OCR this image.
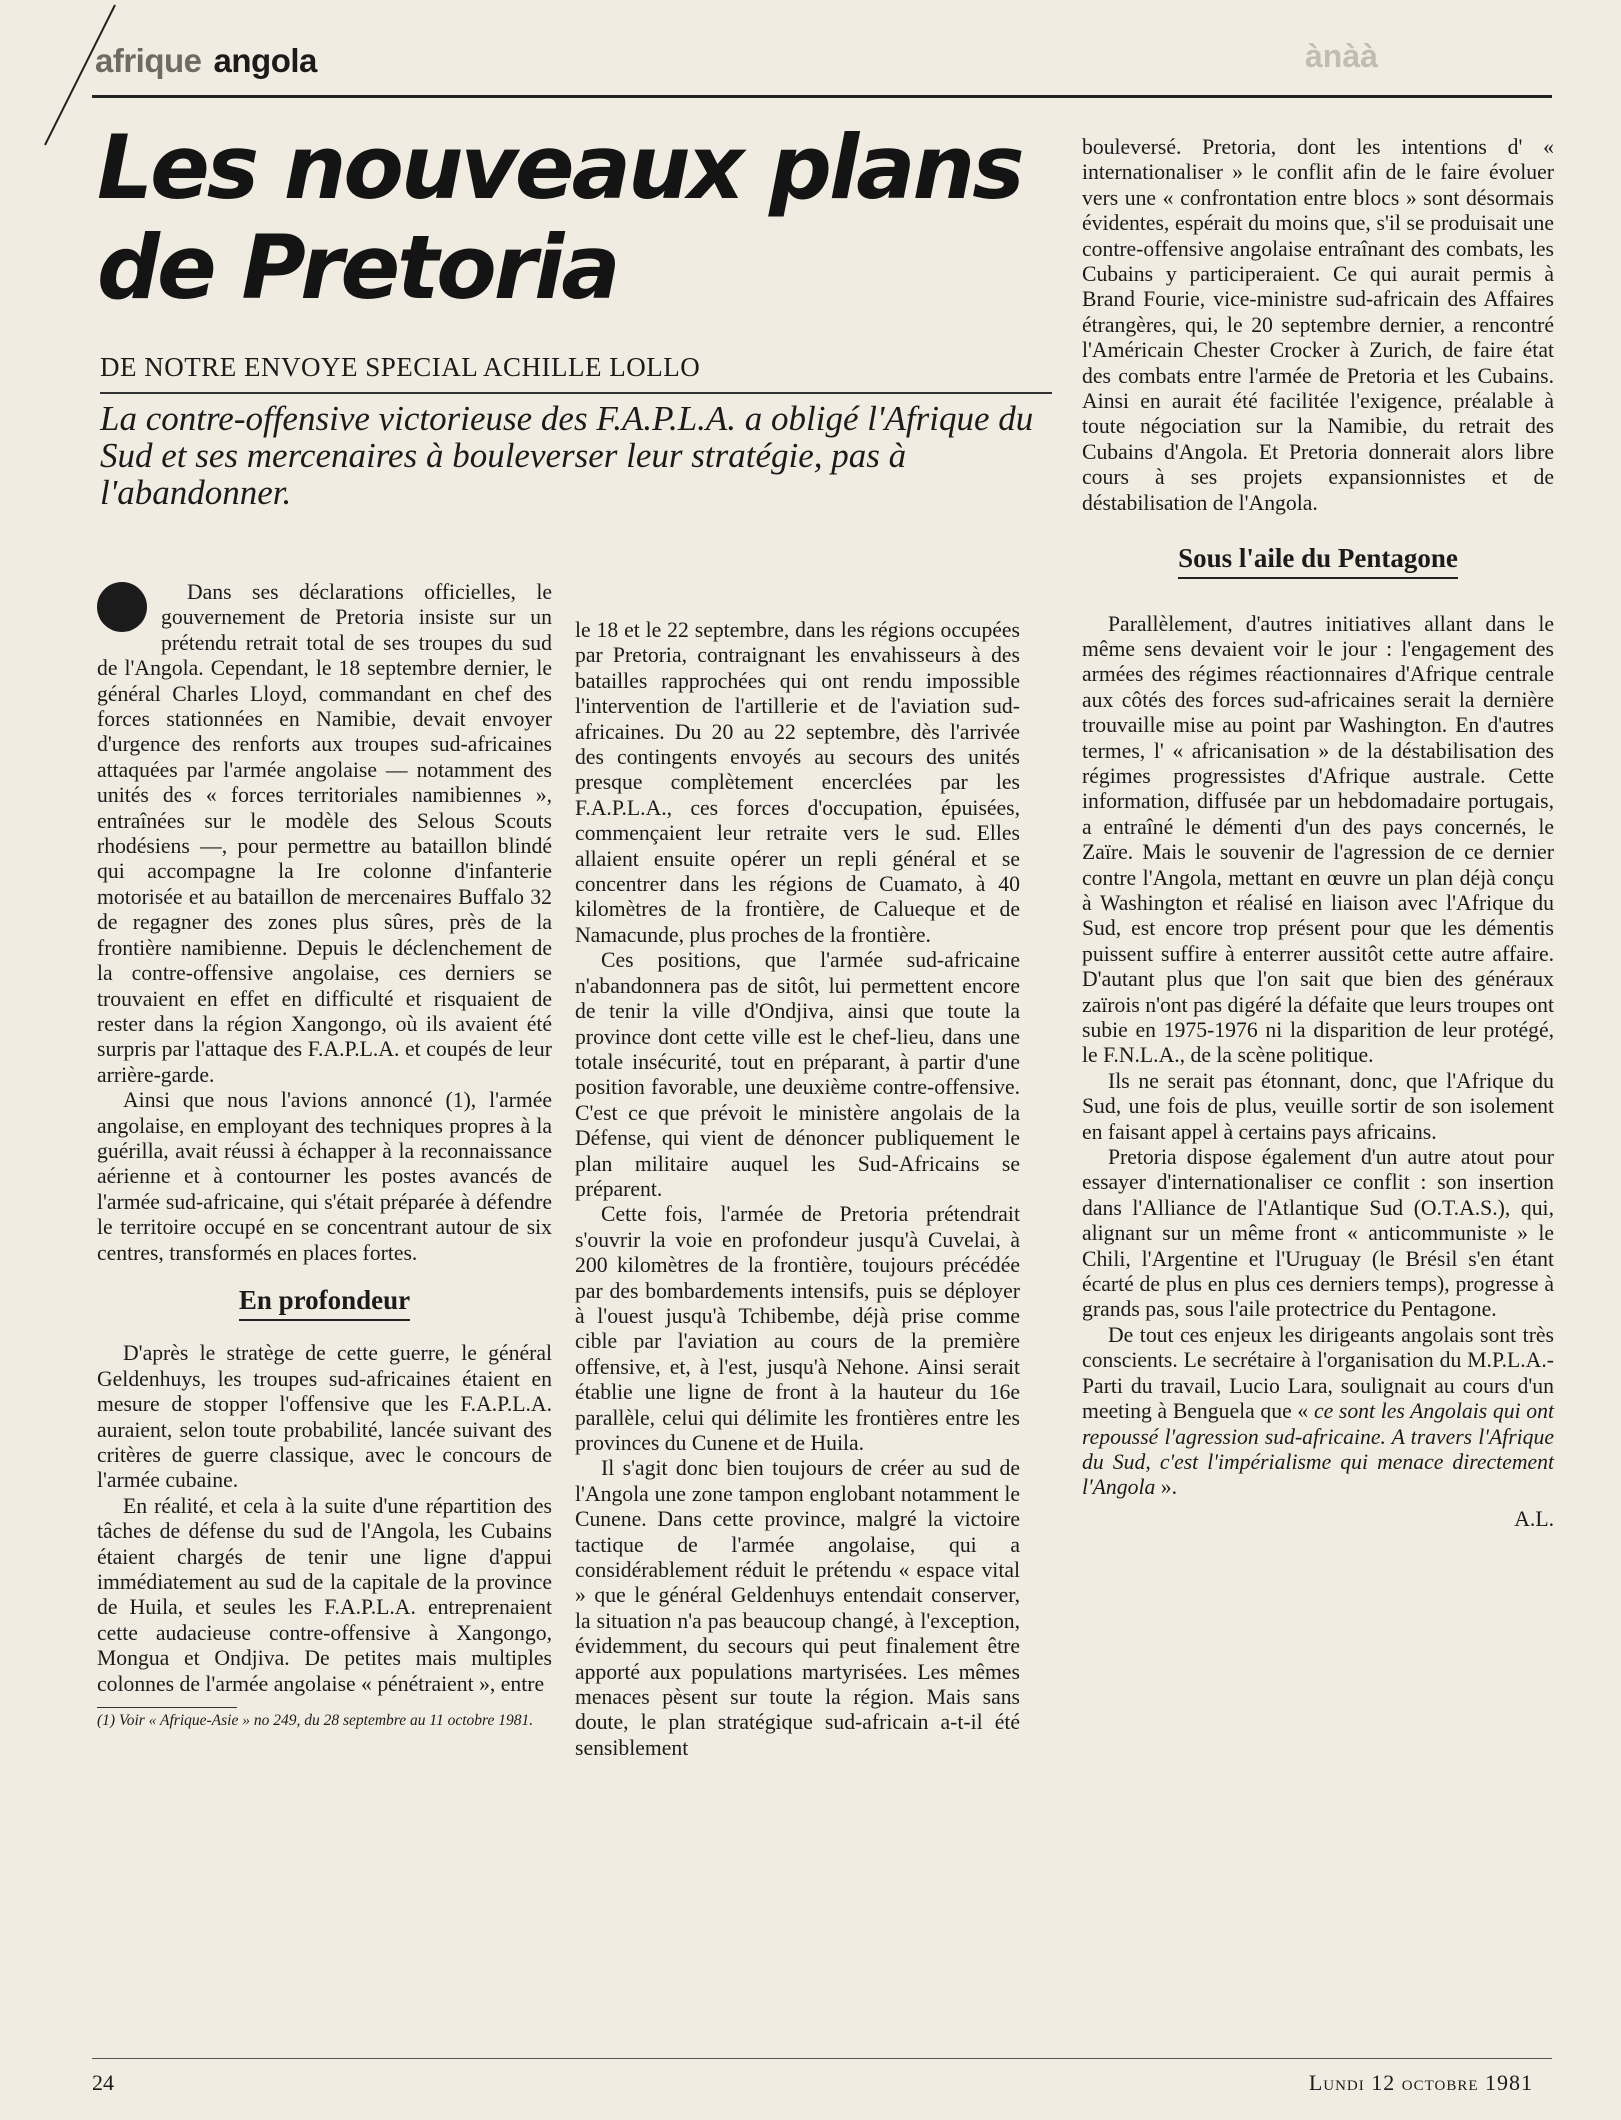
afrique angola	ànàà
Les nouveaux plans
de Pretoria
DE NOTRE ENVOYE SPECIAL ACHILLE LOLLO

La contre-offensive victorieuse des F.A.P.L.A. a obligé l'Afrique du Sud et ses mercenaires à bouleverser leur stratégie, pas à l'abandonner.

Dans ses déclarations officielles, le gouvernement de Pretoria insiste sur un prétendu retrait total de ses troupes du sud de l'Angola. Cependant, le 18 septembre dernier, le général Charles Lloyd, commandant en chef des forces stationnées en Namibie, devait envoyer d'urgence des renforts aux troupes sud-africaines attaquées par l'armée angolaise — notamment des unités des « forces territoriales namibiennes », entraînées sur le modèle des Selous Scouts rhodésiens —, pour permettre au bataillon blindé qui accompagne la Ire colonne d'infanterie motorisée et au bataillon de mercenaires Buffalo 32 de regagner des zones plus sûres, près de la frontière namibienne. Depuis le déclenchement de la contre-offensive angolaise, ces derniers se trouvaient en effet en difficulté et risquaient de rester dans la région Xangongo, où ils avaient été surpris par l'attaque des F.A.P.L.A. et coupés de leur arrière-garde.

Ainsi que nous l'avions annoncé (1), l'armée angolaise, en employant des techniques propres à la guérilla, avait réussi à échapper à la reconnaissance aérienne et à contourner les postes avancés de l'armée sud-africaine, qui s'était préparée à défendre le territoire occupé en se concentrant autour de six centres, transformés en places fortes.

En profondeur

D'après le stratège de cette guerre, le général Geldenhuys, les troupes sud-africaines étaient en mesure de stopper l'offensive que les F.A.P.L.A. auraient, selon toute probabilité, lancée suivant des critères de guerre classique, avec le concours de l'armée cubaine.

En réalité, et cela à la suite d'une répartition des tâches de défense du sud de l'Angola, les Cubains étaient chargés de tenir une ligne d'appui immédiatement au sud de la capitale de la province de Huila, et seules les F.A.P.L.A. entreprenaient cette audacieuse contre-offensive à Xangongo, Mongua et Ondjiva. De petites mais multiples colonnes de l'armée angolaise « pénétraient », entre

(1) Voir « Afrique-Asie » no 249, du 28 septembre au 11 octobre 1981.

le 18 et le 22 septembre, dans les régions occupées par Pretoria, contraignant les envahisseurs à des batailles rapprochées qui ont rendu impossible l'intervention de l'artillerie et de l'aviation sud-africaines. Du 20 au 22 septembre, dès l'arrivée des contingents envoyés au secours des unités presque complètement encerclées par les F.A.P.L.A., ces forces d'occupation, épuisées, commençaient leur retraite vers le sud. Elles allaient ensuite opérer un repli général et se concentrer dans les régions de Cuamato, à 40 kilomètres de la frontière, de Calueque et de Namacunde, plus proches de la frontière.

Ces positions, que l'armée sud-africaine n'abandonnera pas de sitôt, lui permettent encore de tenir la ville d'Ondjiva, ainsi que toute la province dont cette ville est le chef-lieu, dans une totale insécurité, tout en préparant, à partir d'une position favorable, une deuxième contre-offensive. C'est ce que prévoit le ministère angolais de la Défense, qui vient de dénoncer publiquement le plan militaire auquel les Sud-Africains se préparent.

Cette fois, l'armée de Pretoria prétendrait s'ouvrir la voie en profondeur jusqu'à Cuvelai, à 200 kilomètres de la frontière, toujours précédée par des bombardements intensifs, puis se déployer à l'ouest jusqu'à Tchibembe, déjà prise comme cible par l'aviation au cours de la première offensive, et, à l'est, jusqu'à Nehone. Ainsi serait établie une ligne de front à la hauteur du 16e parallèle, celui qui délimite les frontières entre les provinces du Cunene et de Huila.

Il s'agit donc bien toujours de créer au sud de l'Angola une zone tampon englobant notamment le Cunene. Dans cette province, malgré la victoire tactique de l'armée angolaise, qui a considérablement réduit le prétendu « espace vital » que le général Geldenhuys entendait conserver, la situation n'a pas beaucoup changé, à l'exception, évidemment, du secours qui peut finalement être apporté aux populations martyrisées. Les mêmes menaces pèsent sur toute la région. Mais sans doute, le plan stratégique sud-africain a-t-il été sensiblement

bouleversé. Pretoria, dont les intentions d' « internationaliser » le conflit afin de le faire évoluer vers une « confrontation entre blocs » sont désormais évidentes, espérait du moins que, s'il se produisait une contre-offensive angolaise entraînant des combats, les Cubains y participeraient. Ce qui aurait permis à Brand Fourie, vice-ministre sud-africain des Affaires étrangères, qui, le 20 septembre dernier, a rencontré l'Américain Chester Crocker à Zurich, de faire état des combats entre l'armée de Pretoria et les Cubains. Ainsi en aurait été facilitée l'exigence, préalable à toute négociation sur la Namibie, du retrait des Cubains d'Angola. Et Pretoria donnerait alors libre cours à ses projets expansionnistes et de déstabilisation de l'Angola.

Sous l'aile du Pentagone

Parallèlement, d'autres initiatives allant dans le même sens devaient voir le jour : l'engagement des armées des régimes réactionnaires d'Afrique centrale aux côtés des forces sud-africaines serait la dernière trouvaille mise au point par Washington. En d'autres termes, l' « africanisation » de la déstabilisation des régimes progressistes d'Afrique australe. Cette information, diffusée par un hebdomadaire portugais, a entraîné le démenti d'un des pays concernés, le Zaïre. Mais le souvenir de l'agression de ce dernier contre l'Angola, mettant en œuvre un plan déjà conçu à Washington et réalisé en liaison avec l'Afrique du Sud, est encore trop présent pour que les démentis puissent suffire à enterrer aussitôt cette autre affaire. D'autant plus que l'on sait que bien des généraux zaïrois n'ont pas digéré la défaite que leurs troupes ont subie en 1975-1976 ni la disparition de leur protégé, le F.N.L.A., de la scène politique.

Ils ne serait pas étonnant, donc, que l'Afrique du Sud, une fois de plus, veuille sortir de son isolement en faisant appel à certains pays africains.

Pretoria dispose également d'un autre atout pour essayer d'internationaliser ce conflit : son insertion dans l'Alliance de l'Atlantique Sud (O.T.A.S.), qui, alignant sur un même front « anticommuniste » le Chili, l'Argentine et l'Uruguay (le Brésil s'en étant écarté de plus en plus ces derniers temps), progresse à grands pas, sous l'aile protectrice du Pentagone.

De tout ces enjeux les dirigeants angolais sont très conscients. Le secrétaire à l'organisation du M.P.L.A.-Parti du travail, Lucio Lara, soulignait au cours d'un meeting à Benguela que « ce sont les Angolais qui ont repoussé l'agression sud-africaine. A travers l'Afrique du Sud, c'est l'impérialisme qui menace directement l'Angola ».

A.L.

24	Lundi 12 octobre 1981
